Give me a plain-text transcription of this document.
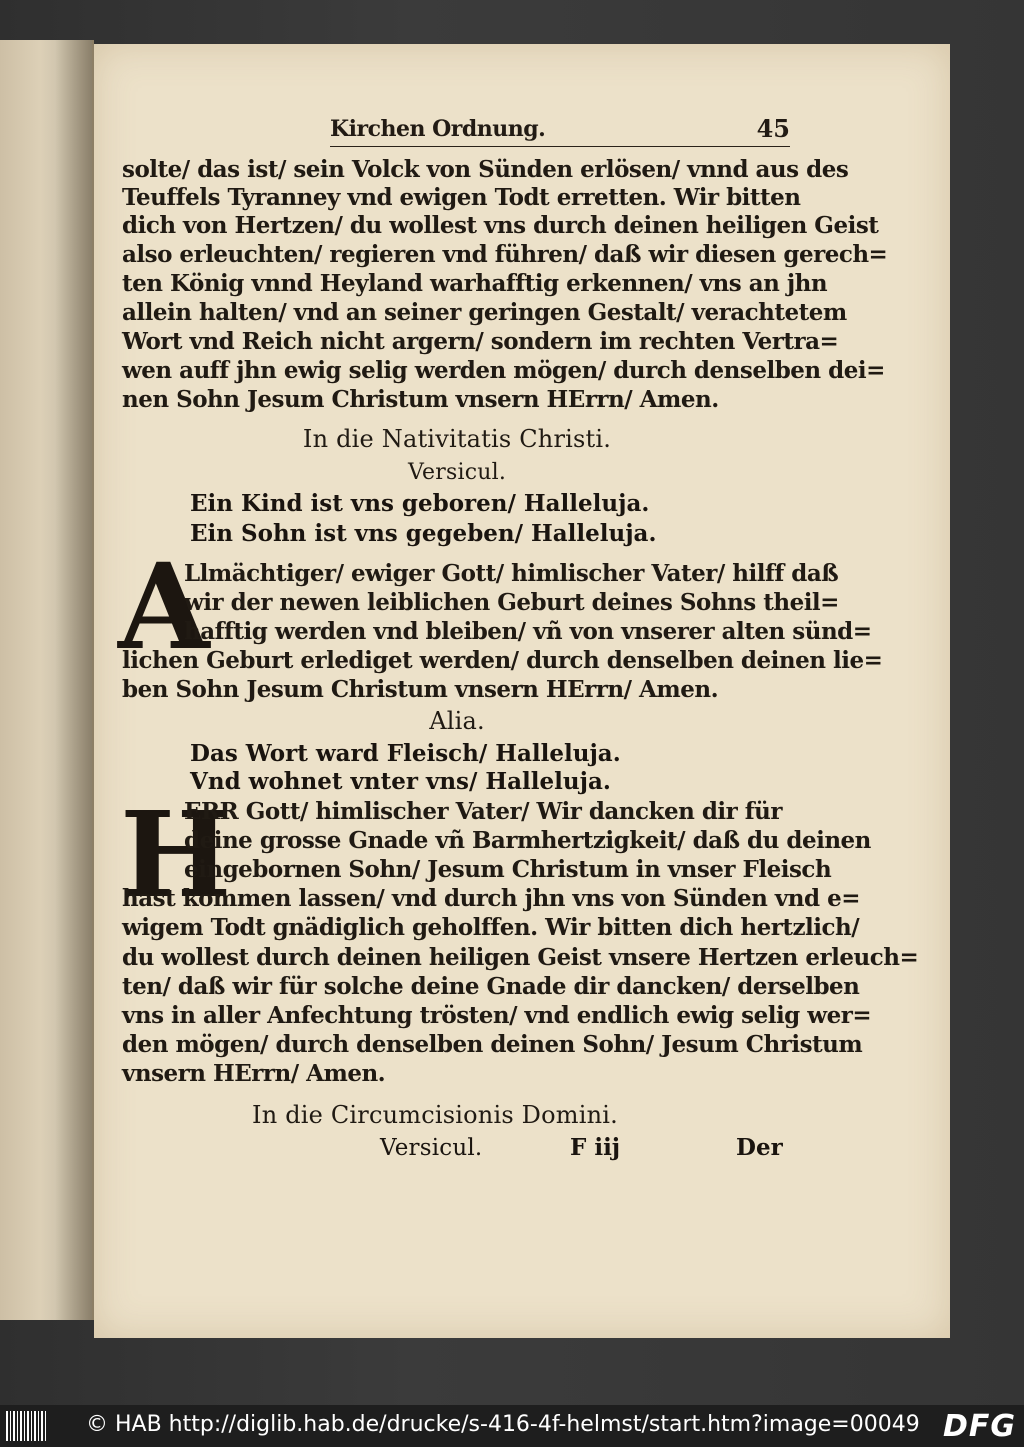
Kirchen Ordnung.	45
solte/ das ist/ sein Volck von Sünden erlösen/ vnnd aus des
Teuffels Tyranney vnd ewigen Todt erretten. Wir bitten
dich von Hertzen/ du wollest vns durch deinen heiligen Geist
also erleuchten/ regieren vnd führen/ daß wir diesen gerech=
ten König vnnd Heyland warhafftig erkennen/ vns an jhn
allein halten/ vnd an seiner geringen Gestalt/ verachtetem
Wort vnd Reich nicht argern/ sondern im rechten Vertra=
wen auff jhn ewig selig werden mögen/ durch denselben dei=
nen Sohn Jesum Christum vnsern HErrn/ Amen.
In die Nativitatis Christi.
Versicul.
Ein Kind ist vns geboren/ Halleluja.
Ein Sohn ist vns gegeben/ Halleluja.
A
Llmächtiger/ ewiger Gott/ himlischer Vater/ hilff daß
wir der newen leiblichen Geburt deines Sohns theil=
hafftig werden vnd bleiben/ vñ von vnserer alten sünd=
lichen Geburt erlediget werden/ durch denselben deinen lie=
ben Sohn Jesum Christum vnsern HErrn/ Amen.
Alia.
Das Wort ward Fleisch/ Halleluja.
Vnd wohnet vnter vns/ Halleluja.
H
ERR Gott/ himlischer Vater/ Wir dancken dir für
deine grosse Gnade vñ Barmhertzigkeit/ daß du deinen
eingebornen Sohn/ Jesum Christum in vnser Fleisch
hast kommen lassen/ vnd durch jhn vns von Sünden vnd e=
wigem Todt gnädiglich geholffen. Wir bitten dich hertzlich/
du wollest durch deinen heiligen Geist vnsere Hertzen erleuch=
ten/ daß wir für solche deine Gnade dir dancken/ derselben
vns in aller Anfechtung trösten/ vnd endlich ewig selig wer=
den mögen/ durch denselben deinen Sohn/ Jesum Christum
vnsern HErrn/ Amen.
In die Circumcisionis Domini.
Versicul.	F iij	Der
© HAB http://diglib.hab.de/drucke/s-416-4f-helmst/start.htm?image=00049 DFG
